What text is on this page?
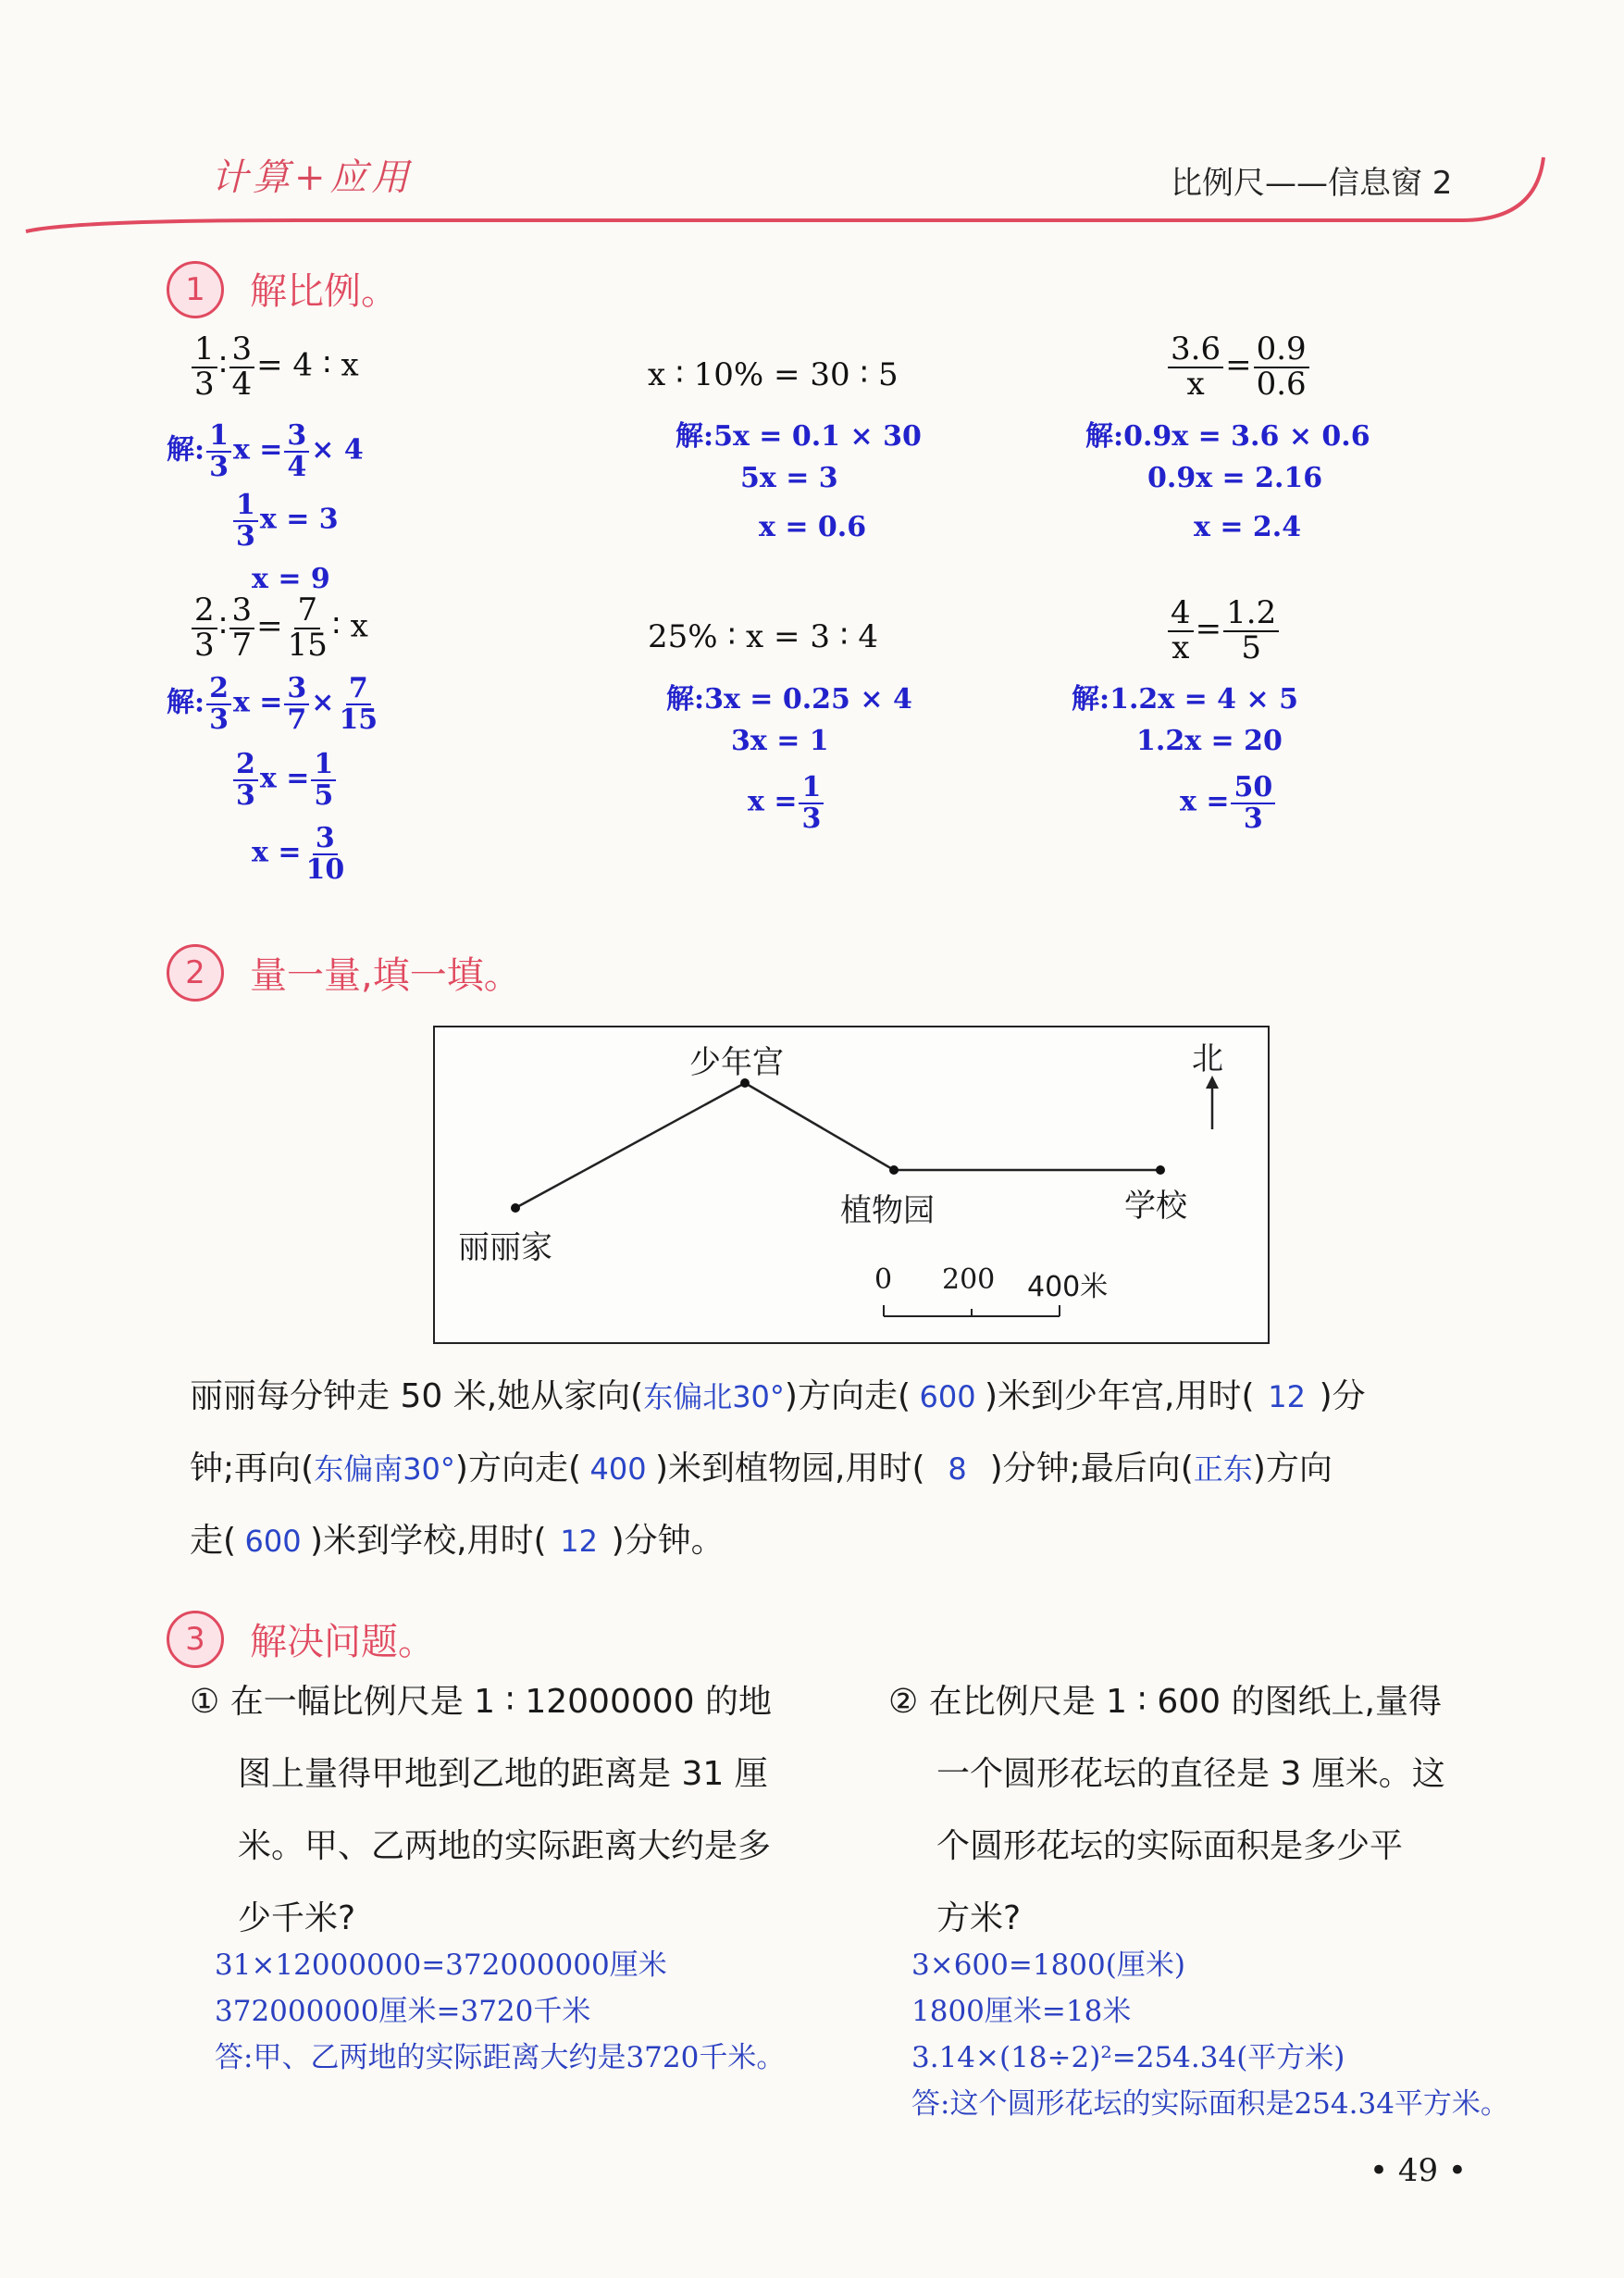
计算+应用	比例尺——信息窗 2
1	解比例。
$\frac{1}{3}$ ∶ $\frac{3}{4} = 4$ ∶ x
解: $\frac{1}{3}$ $x = \frac{3}{4} \times 4$
$\frac{1}{3}$ x = 3
x = 9
x ∶ 10% = 30 ∶ 5
解:5x = 0.1 × 30
5x = 3
x = 0.6
$\frac{3.6}{x} = \frac{0.9}{0.6}$
解:0.9x = 3.6 × 0.6
0.9x = 2.16
x = 2.4
$\frac{2}{3}$ ∶ $\frac{3}{7} = \frac{7}{15}$ ∶ x
解: $\frac{2}{3}$ $x = \frac{3}{7} \times \frac{7}{15}$
$\frac{2}{3}$ $x = \frac{1}{5}$
$x = \frac{3}{10}$
25% ∶ x = 3 ∶ 4
解:3x = 0.25 × 4
3x = 1
$x = \frac{1}{3}$
$\frac{4}{x} = \frac{1.2}{5}$
解:1.2x = 4 × 5
1.2x = 20
$x = \frac{50}{3}$
2	量一量,填一填。
少年宫
丽丽家
植物园	学校
北
0 200 400米
丽丽每分钟走 50 米,她从家向(东偏北30°)方向走( 600 )米到少年宫,用时( 12 )分
钟;再向(东偏南30°)方向走( 400 )米到植物园,用时( 8 )分钟;最后向(正东)方向
走( 600 )米到学校,用时( 12 )分钟。
3	解决问题。
① 在一幅比例尺是 1 ∶ 12000000 的地
图上量得甲地到乙地的距离是 31 厘
米。甲、乙两地的实际距离大约是多
少千米?
31×12000000=372000000厘米
372000000厘米=3720千米
答:甲、乙两地的实际距离大约是3720千米。
② 在比例尺是 1 ∶ 600 的图纸上,量得
一个圆形花坛的直径是 3 厘米。这
个圆形花坛的实际面积是多少平
方米?
3×600=1800(厘米)
1800厘米=18米
3.14×(18÷2)²=254.34(平方米)
答:这个圆形花坛的实际面积是254.34平方米。
• 49 •
